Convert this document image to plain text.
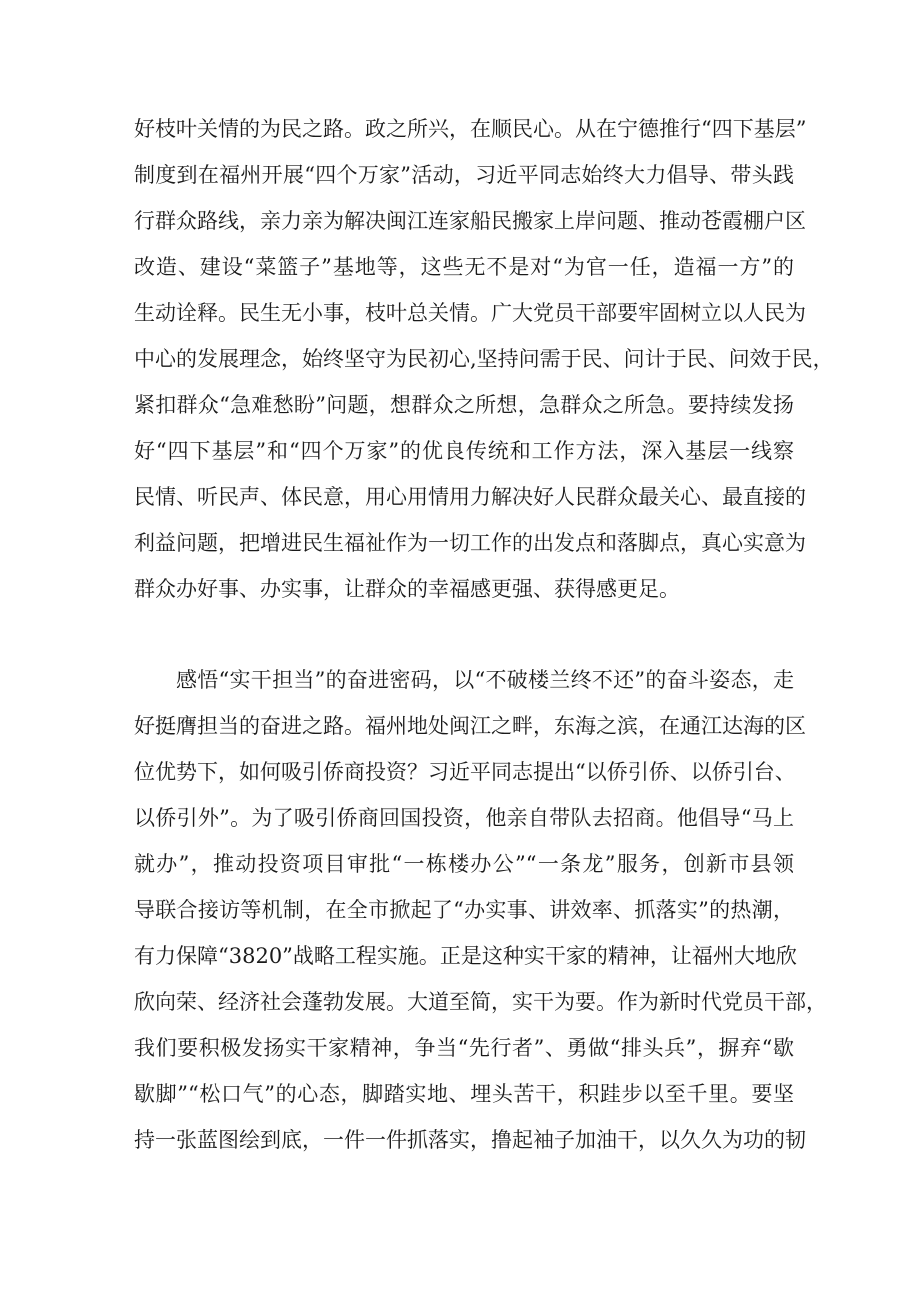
好枝叶关情的为民之路。政之所兴，在顺民心。从在宁德推行“四下基层”
制度到在福州开展“四个万家”活动，习近平同志始终大力倡导、带头践
行群众路线，亲力亲为解决闽江连家船民搬家上岸问题、推动苍霞棚户区
改造、建设“菜篮子”基地等，这些无不是对“为官一任，造福一方”的
生动诠释。民生无小事，枝叶总关情。广大党员干部要牢固树立以人民为
中心的发展理念，始终坚守为民初心,坚持问需于民、问计于民、问效于民，
紧扣群众“急难愁盼”问题，想群众之所想，急群众之所急。要持续发扬
好“四下基层”和“四个万家”的优良传统和工作方法，深入基层一线察
民情、听民声、体民意，用心用情用力解决好人民群众最关心、最直接的
利益问题，把增进民生福祉作为一切工作的出发点和落脚点，真心实意为
群众办好事、办实事，让群众的幸福感更强、获得感更足。
感悟“实干担当”的奋进密码，以“不破楼兰终不还”的奋斗姿态，走
好挺膺担当的奋进之路。福州地处闽江之畔，东海之滨，在通江达海的区
位优势下，如何吸引侨商投资？习近平同志提出“以侨引侨、以侨引台、
以侨引外”。为了吸引侨商回国投资，他亲自带队去招商。他倡导“马上
就办”，推动投资项目审批“一栋楼办公”“一条龙”服务，创新市县领
导联合接访等机制，在全市掀起了“办实事、讲效率、抓落实”的热潮，
有力保障“3820”战略工程实施。正是这种实干家的精神，让福州大地欣
欣向荣、经济社会蓬勃发展。大道至简，实干为要。作为新时代党员干部，
我们要积极发扬实干家精神，争当“先行者”、勇做“排头兵”，摒弃“歇
歇脚”“松口气”的心态，脚踏实地、埋头苦干，积跬步以至千里。要坚
持一张蓝图绘到底，一件一件抓落实，撸起袖子加油干，以久久为功的韧
